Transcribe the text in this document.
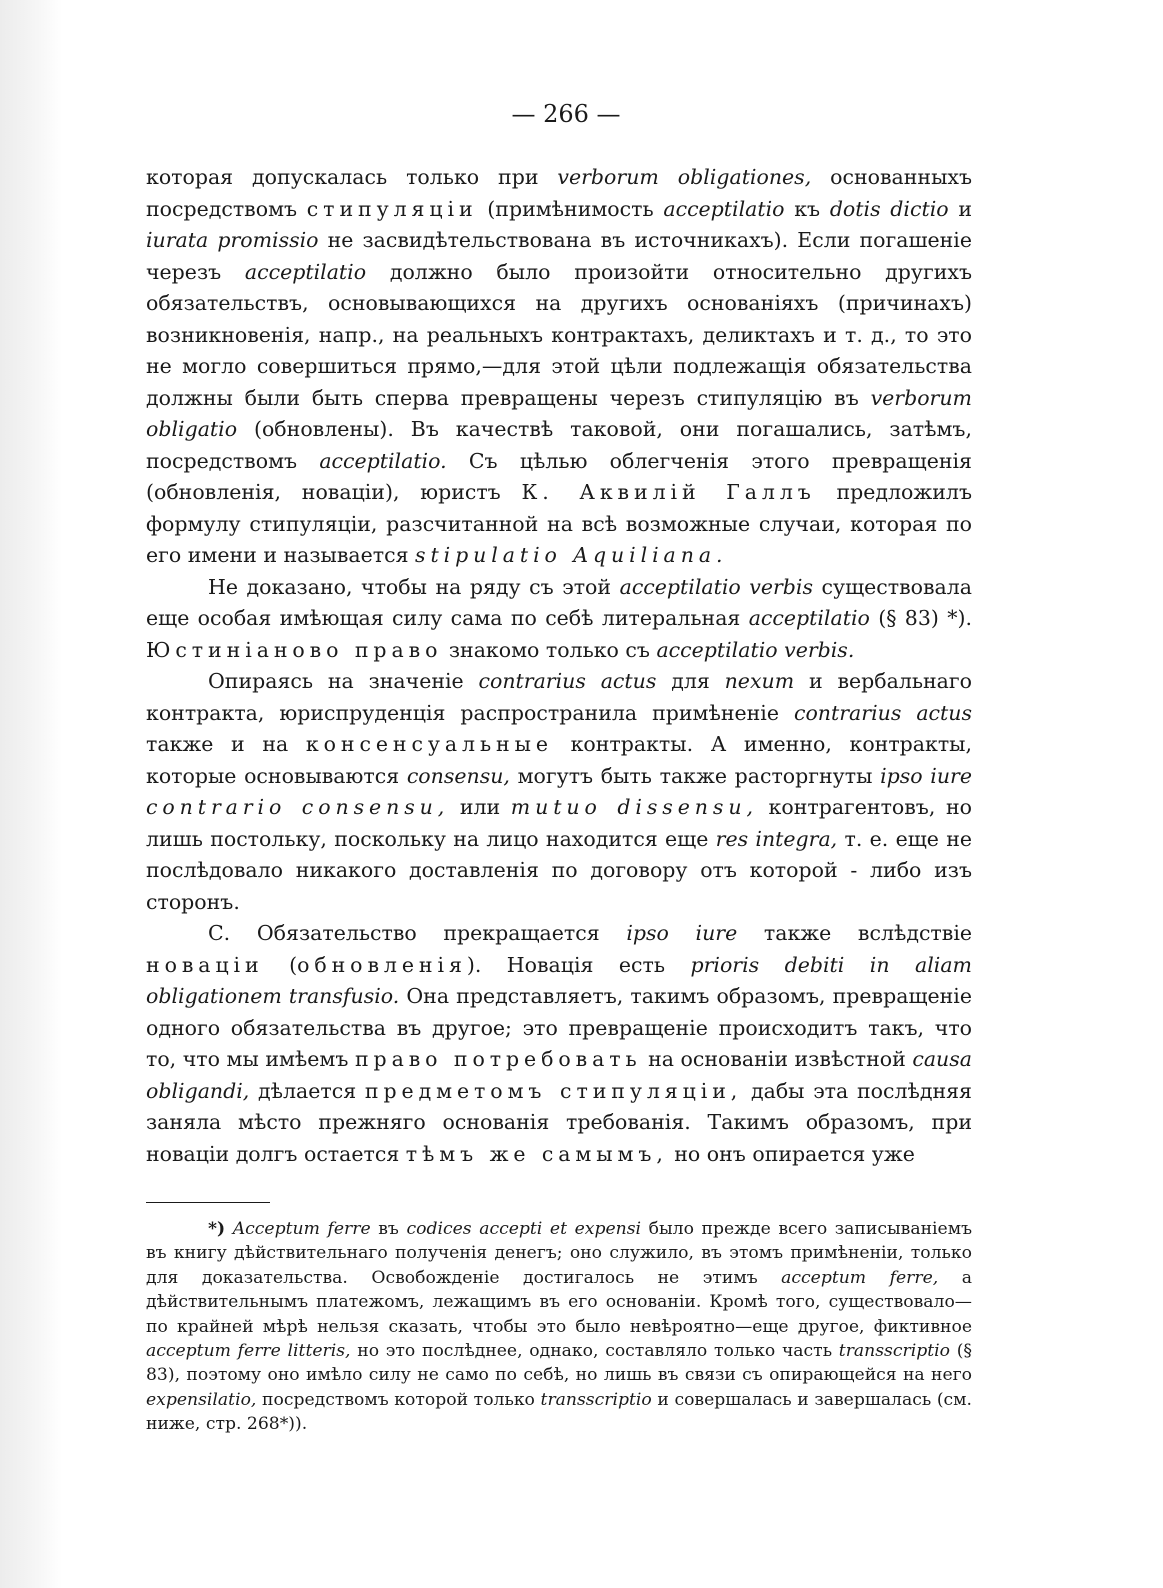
— 266 —

которая допускалась только при verborum obligationes, основанныхъ посредствомъ стипуляціи (примѣнимость acceptilatio къ dotis dictio и iurata promissio не засвидѣтельствована въ источникахъ). Если погашеніе черезъ acceptilatio должно было произойти относительно другихъ обязательствъ, основывающихся на другихъ основаніяхъ (причинахъ) возникновенія, напр., на реальныхъ контрактахъ, деликтахъ и т. д., то это не могло совершиться прямо,—для этой цѣли подлежащія обязательства должны были быть сперва превращены черезъ стипуляцію въ verborum obligatio (обновлены). Въ качествѣ таковой, они погашались, затѣмъ, посредствомъ acceptilatio. Съ цѣлью облегченія этого превращенія (обновленія, новаціи), юристъ К. Аквилій Галлъ предложилъ формулу стипуляціи, разсчитанной на всѣ возможные случаи, которая по его имени и называется stipulatio Aquiliana.

Не доказано, чтобы на ряду съ этой acceptilatio verbis существовала еще особая имѣющая силу сама по себѣ литеральная acceptilatio (§ 83) *). Юстиніаново право знакомо только съ acceptilatio verbis.

Опираясь на значеніе contrarius actus для nexum и вербальнаго контракта, юриспруденція распространила примѣненіе contrarius actus также и на консенсуальные контракты. А именно, контракты, которые основываются consensu, могутъ быть также расторгнуты ipso iure contrario consensu, или mutuo dissensu, контрагентовъ, но лишь постольку, поскольку на лицо находится еще res integra, т. е. еще не послѣдовало никакого доставленія по договору отъ которой - либо изъ сторонъ.

С. Обязательство прекращается ipso iure также вслѣдствіе новаціи (обновленія). Новація есть prioris debiti in aliam obligationem transfusio. Она представляетъ, такимъ образомъ, превращеніе одного обязательства въ другое; это превращеніе происходитъ такъ, что то, что мы имѣемъ право потребовать на основаніи извѣстной causa obligandi, дѣлается предметомъ стипуляціи, дабы эта послѣдняя заняла мѣсто прежняго основанія требованія. Такимъ образомъ, при новаціи долгъ остается тѣмъ же самымъ, но онъ опирается уже

*) Acceptum ferre въ codices accepti et expensi было прежде всего записываніемъ въ книгу дѣйствительнаго полученія денегъ; оно служило, въ этомъ примѣненіи, только для доказательства. Освобожденіе достигалось не этимъ acceptum ferre, а дѣйствительнымъ платежомъ, лежащимъ въ его основаніи. Кромѣ того, существовало—по крайней мѣрѣ нельзя сказать, чтобы это было невѣроятно—еще другое, фиктивное acceptum ferre litteris, но это послѣднее, однако, составляло только часть transscriptio (§ 83), поэтому оно имѣло силу не само по себѣ, но лишь въ связи съ опирающейся на него expensilatio, посредствомъ которой только transscriptio и совершалась и завершалась (см. ниже, стр. 268*)).
